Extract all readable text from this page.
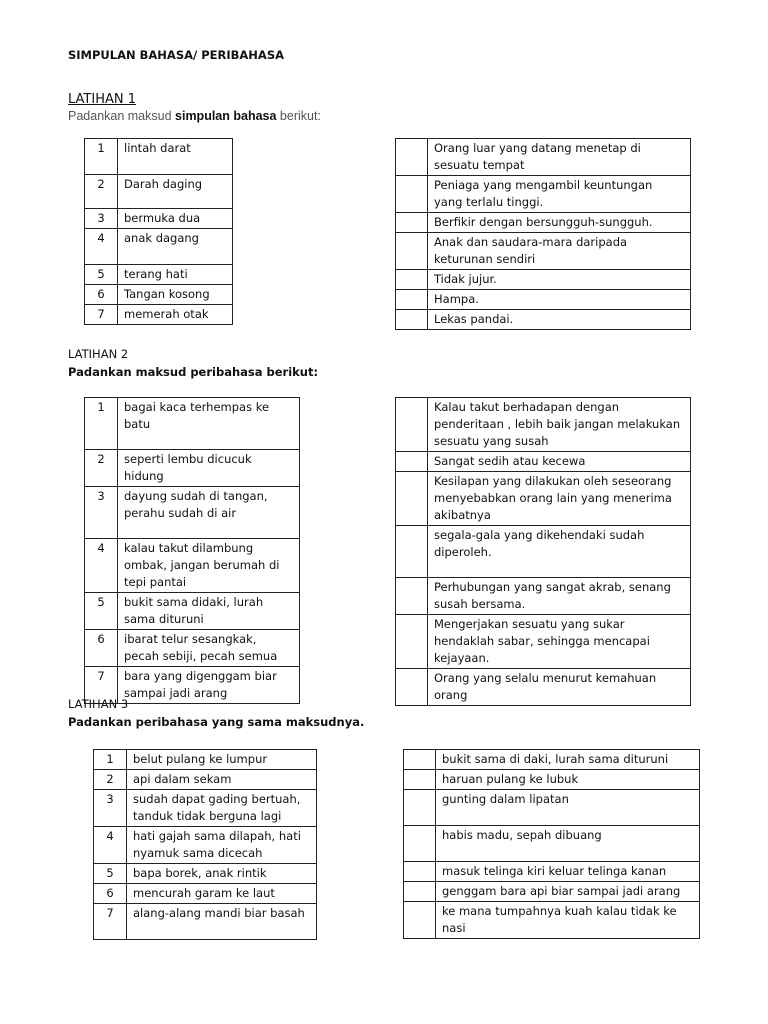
SIMPULAN BAHASA/ PERIBAHASA
LATIHAN 1
Padankan maksud simpulan bahasa berikut:
1	lintah darat
2	Darah daging
3	bermuka dua
4	anak dagang
5	terang hati
6	Tangan kosong
7	memerah otak
	Orang luar yang datang menetap di sesuatu tempat
	Peniaga yang mengambil keuntungan yang terlalu tinggi.
	Berfikir dengan bersungguh-sungguh.
	Anak dan saudara-mara daripada keturunan sendiri
	Tidak jujur.
	Hampa.
	Lekas pandai.
LATIHAN 2
Padankan maksud peribahasa berikut:
1	bagai kaca terhempas ke batu
2	seperti lembu dicucuk hidung
3	dayung sudah di tangan, perahu sudah di air
4	kalau takut dilambung ombak, jangan berumah di tepi pantai
5	bukit sama didaki, lurah sama dituruni
6	ibarat telur sesangkak, pecah sebiji, pecah semua
7	bara yang digenggam biar sampai jadi arang
	Kalau takut berhadapan dengan penderitaan , lebih baik jangan melakukan sesuatu yang susah
	Sangat sedih atau kecewa
	Kesilapan yang dilakukan oleh seseorang menyebabkan orang lain yang menerima akibatnya
	segala-gala yang dikehendaki sudah diperoleh.
	Perhubungan yang sangat akrab, senang susah bersama.
	Mengerjakan sesuatu yang sukar hendaklah sabar, sehingga mencapai kejayaan.
	Orang yang selalu menurut kemahuan orang
LATIHAN 3
Padankan peribahasa yang sama maksudnya.
1	belut pulang ke lumpur
2	api dalam sekam
3	sudah dapat gading bertuah, tanduk tidak berguna lagi
4	hati gajah sama dilapah, hati nyamuk sama dicecah
5	bapa borek, anak rintik
6	mencurah garam ke laut
7	alang-alang mandi biar basah
	bukit sama di daki, lurah sama dituruni
	haruan pulang ke lubuk
	gunting dalam lipatan
	habis madu, sepah dibuang
	masuk telinga kiri keluar telinga kanan
	genggam bara api biar sampai jadi arang
	ke mana tumpahnya kuah kalau tidak ke nasi
